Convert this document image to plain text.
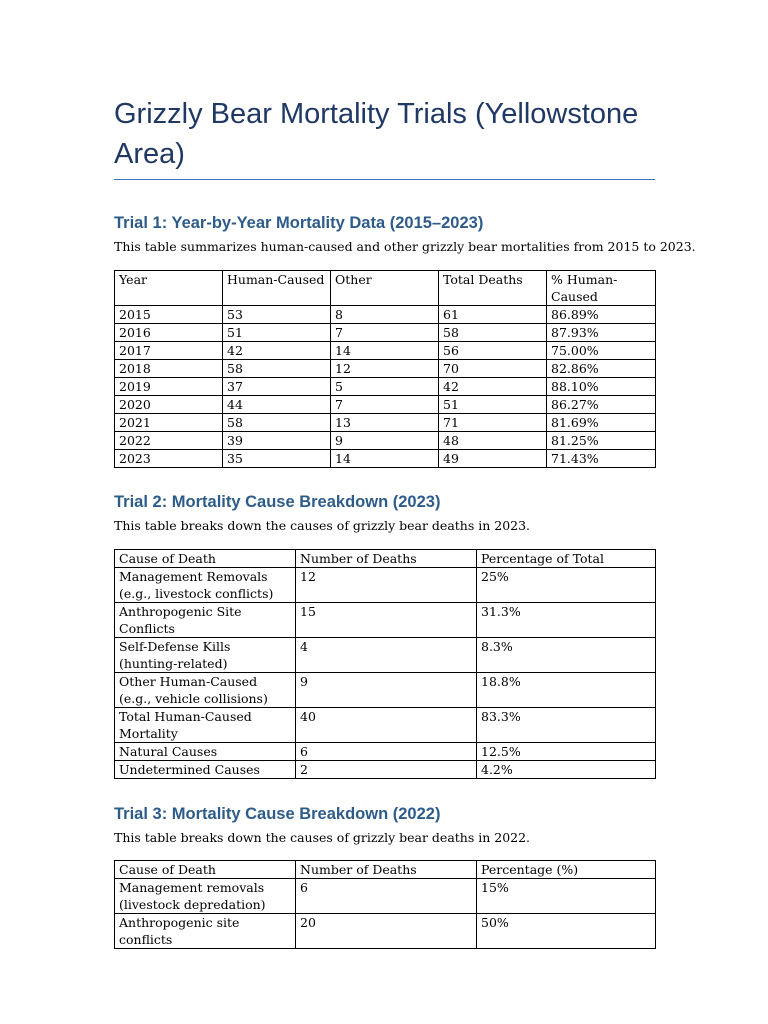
Grizzly Bear Mortality Trials (Yellowstone Area)
Trial 1: Year-by-Year Mortality Data (2015–2023)

This table summarizes human-caused and other grizzly bear mortalities from 2015 to 2023.

Year	Human-Caused	Other	Total Deaths	% Human-Caused
2015	53	8	61	86.89%
2016	51	7	58	87.93%
2017	42	14	56	75.00%
2018	58	12	70	82.86%
2019	37	5	42	88.10%
2020	44	7	51	86.27%
2021	58	13	71	81.69%
2022	39	9	48	81.25%
2023	35	14	49	71.43%
Trial 2: Mortality Cause Breakdown (2023)

This table breaks down the causes of grizzly bear deaths in 2023.

Cause of Death	Number of Deaths	Percentage of Total
Management Removals (e.g., livestock conflicts)	12	25%
Anthropogenic Site Conflicts	15	31.3%
Self-Defense Kills (hunting-related)	4	8.3%
Other Human-Caused (e.g., vehicle collisions)	9	18.8%
Total Human-Caused Mortality	40	83.3%
Natural Causes	6	12.5%
Undetermined Causes	2	4.2%
Trial 3: Mortality Cause Breakdown (2022)

This table breaks down the causes of grizzly bear deaths in 2022.

Cause of Death	Number of Deaths	Percentage (%)
Management removals (livestock depredation)	6	15%
Anthropogenic site conflicts	20	50%
